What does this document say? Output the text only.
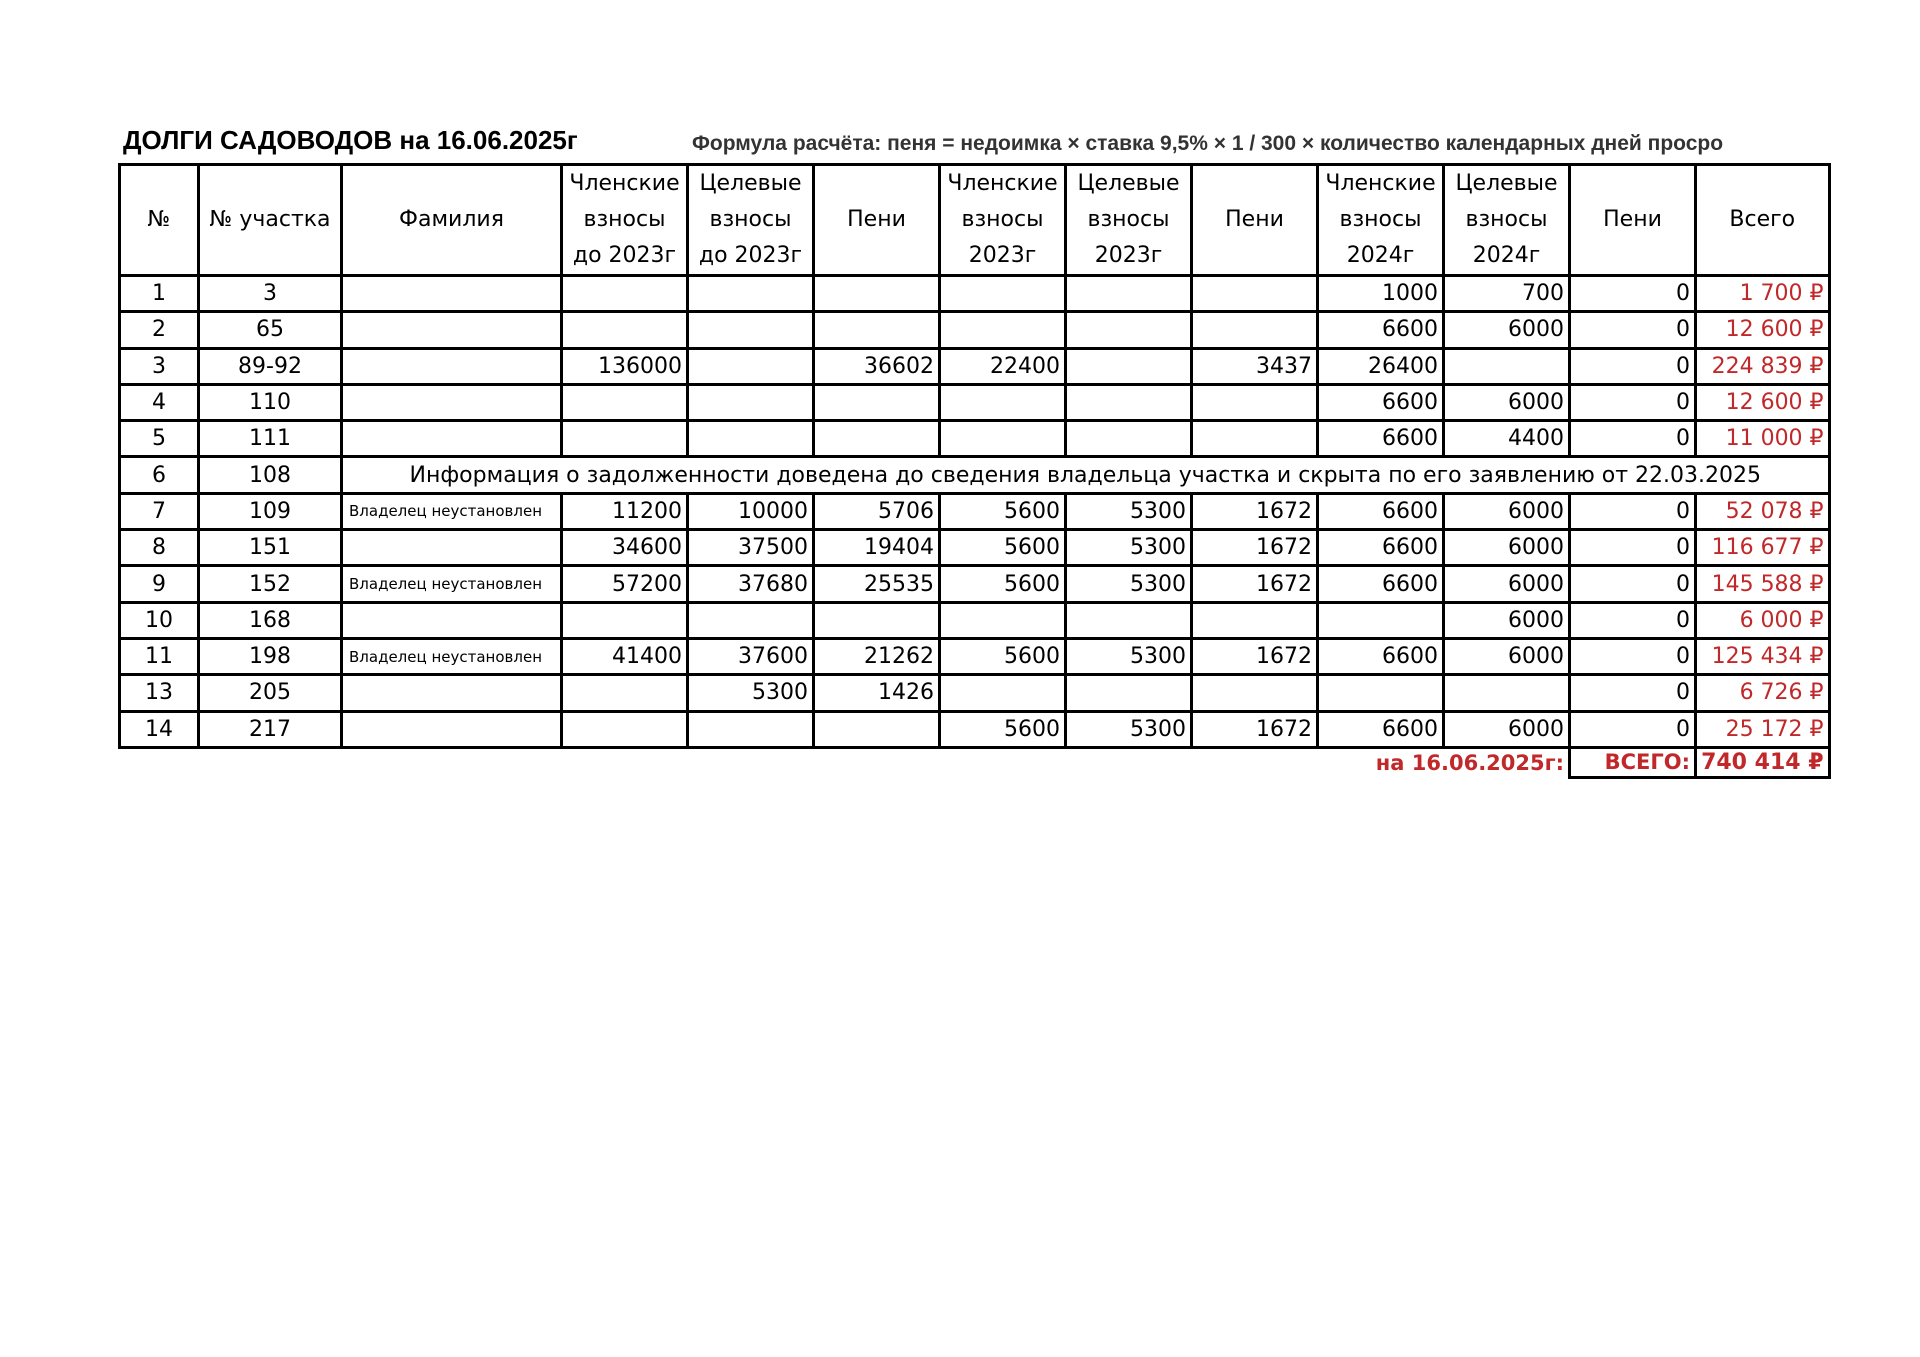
ДОЛГИ САДОВОДОВ на 16.06.2025г	Формула расчёта: пеня = недоимка × ставка 9,5% × 1 / 300 × количество календарных дней просро
№	№ участка	Фамилия	Членские взносы до 2023г	Целевые взносы до 2023г	Пени	Членские взносы 2023г	Целевые взносы 2023г	Пени	Членские взносы 2024г	Целевые взносы 2024г	Пени	Всего
1	3								1000	700	0	1 700 ₽
2	65								6600	6000	0	12 600 ₽
3	89-92		136000		36602	22400		3437	26400		0	224 839 ₽
4	110								6600	6000	0	12 600 ₽
5	111								6600	4400	0	11 000 ₽
6	108	Информация о задолженности доведена до сведения владельца участка и скрыта по его заявлению от 22.03.2025										
7	109	Владелец неустановлен	11200	10000	5706	5600	5300	1672	6600	6000	0	52 078 ₽
8	151		34600	37500	19404	5600	5300	1672	6600	6000	0	116 677 ₽
9	152	Владелец неустановлен	57200	37680	25535	5600	5300	1672	6600	6000	0	145 588 ₽
10	168									6000	0	6 000 ₽
11	198	Владелец неустановлен	41400	37600	21262	5600	5300	1672	6600	6000	0	125 434 ₽
13	205			5300	1426						0	6 726 ₽
14	217					5600	5300	1672	6600	6000	0	25 172 ₽
на 16.06.2025г:											ВСЕГО:	740 414 ₽
